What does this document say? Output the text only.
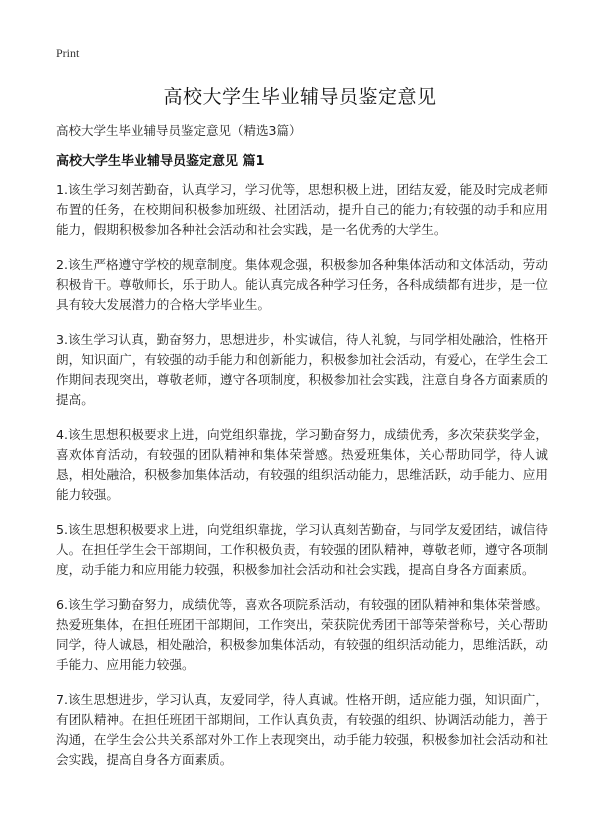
Print
高校大学生毕业辅导员鉴定意见
高校大学生毕业辅导员鉴定意见（精选3篇）
高校大学生毕业辅导员鉴定意见 篇1

1.该生学习刻苦勤奋，认真学习，学习优等，思想积极上进，团结友爱，能及时完成老师布置的任务，在校期间积极参加班级、社团活动，提升自己的能力;有较强的动手和应用能力，假期积极参加各种社会活动和社会实践，是一名优秀的大学生。

2.该生严格遵守学校的规章制度。集体观念强，积极参加各种集体活动和文体活动，劳动积极肯干。尊敬师长，乐于助人。能认真完成各种学习任务，各科成绩都有进步，是一位具有较大发展潜力的合格大学毕业生。

3.该生学习认真，勤奋努力，思想进步，朴实诚信，待人礼貌，与同学相处融洽，性格开朗，知识面广，有较强的动手能力和创新能力，积极参加社会活动，有爱心，在学生会工作期间表现突出，尊敬老师，遵守各项制度，积极参加社会实践，注意自身各方面素质的提高。

4.该生思想积极要求上进，向党组织靠拢，学习勤奋努力，成绩优秀，多次荣获奖学金，喜欢体育活动，有较强的团队精神和集体荣誉感。热爱班集体，关心帮助同学，待人诚恳，相处融洽，积极参加集体活动，有较强的组织活动能力，思维活跃，动手能力、应用能力较强。

5.该生思想积极要求上进，向党组织靠拢，学习认真刻苦勤奋，与同学友爱团结，诚信待人。在担任学生会干部期间，工作积极负责，有较强的团队精神，尊敬老师，遵守各项制度，动手能力和应用能力较强，积极参加社会活动和社会实践，提高自身各方面素质。

6.该生学习勤奋努力，成绩优等，喜欢各项院系活动，有较强的团队精神和集体荣誉感。热爱班集体，在担任班团干部期间，工作突出，荣获院优秀团干部等荣誉称号，关心帮助同学，待人诚恳，相处融洽，积极参加集体活动，有较强的组织活动能力，思维活跃，动手能力、应用能力较强。

7.该生思想进步，学习认真，友爱同学，待人真诚。性格开朗，适应能力强，知识面广，有团队精神。在担任班团干部期间，工作认真负责，有较强的组织、协调活动能力，善于沟通，在学生会公共关系部对外工作上表现突出，动手能力较强，积极参加社会活动和社会实践，提高自身各方面素质。
